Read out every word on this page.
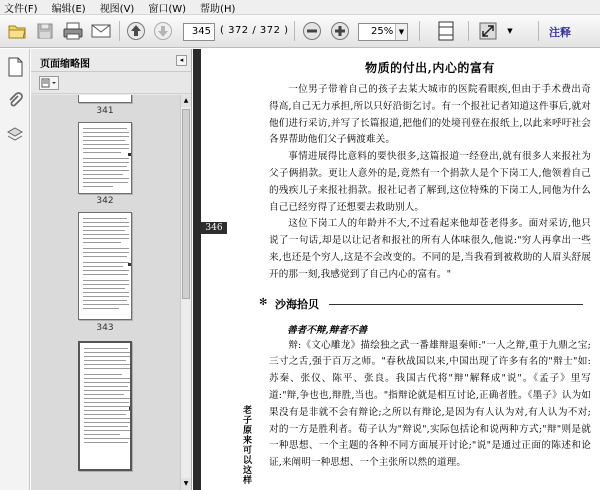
文件(F) 编辑(E) 视图(V) 窗口(W) 帮助(H)
345 ( 372 / 372 )	25% ▼	▼	注释
页面缩略图	◂
341
342
343
▲
▼
346
老子原来可以这样
物质的付出,内心的富有

一位男子带着自己的孩子去某大城市的医院看眼疾,但由于手术费出奇得高,自己无力承担,所以只好沿街乞讨。有一个报社记者知道这件事后,就对他们进行采访,并写了长篇报道,把他们的处境刊登在报纸上,以此来呼吁社会各界帮助他们父子俩渡难关。

事情进展得比意料的要快很多,这篇报道一经登出,就有很多人来报社为父子俩捐款。更让人意外的是,竟然有一个捐款人是个下岗工人,他领着自己的残疾儿子来报社捐款。报社记者了解到,这位特殊的下岗工人,同他为什么自己已经穷得了还想要去救助别人。

这位下岗工人的年龄并不大,不过看起来他却苍老得多。面对采访,他只说了一句话,却是以让记者和报社的所有人体味很久,他说:"穷人再拿出一些来,也还是个穷人,这是不会改变的。不同的是,当我看到被救助的人眉头舒展开的那一刻,我感觉到了自己内心的富有。"

✻ 沙海拾贝
善者不辩,辩者不善

辩:《文心雕龙》描绘独之武一番雄辩退秦师:"一人之辩,重于九鼎之宝;三寸之舌,强于百万之师。"春秋战国以来,中国出现了许多有名的"辩士"如:苏秦、张仪、陈平、张良。我国古代将"辩"解释成"说"。《孟子》里写道:"辩,争也也,辩胜,当也。"指辩论就是相互讨论,正确者胜。《墨子》认为如果没有是非就不会有辩论;之所以有辩论,是因为有人认为对,有人认为不对;对的一方是胜利者。荀子认为"辩说",实际包括论和说两种方式;"辩"则是就一种思想、一个主题的各种不同方面展开讨论;"说"是通过正面的陈述和论证,来阐明一种思想、一个主张所以然的道理。
